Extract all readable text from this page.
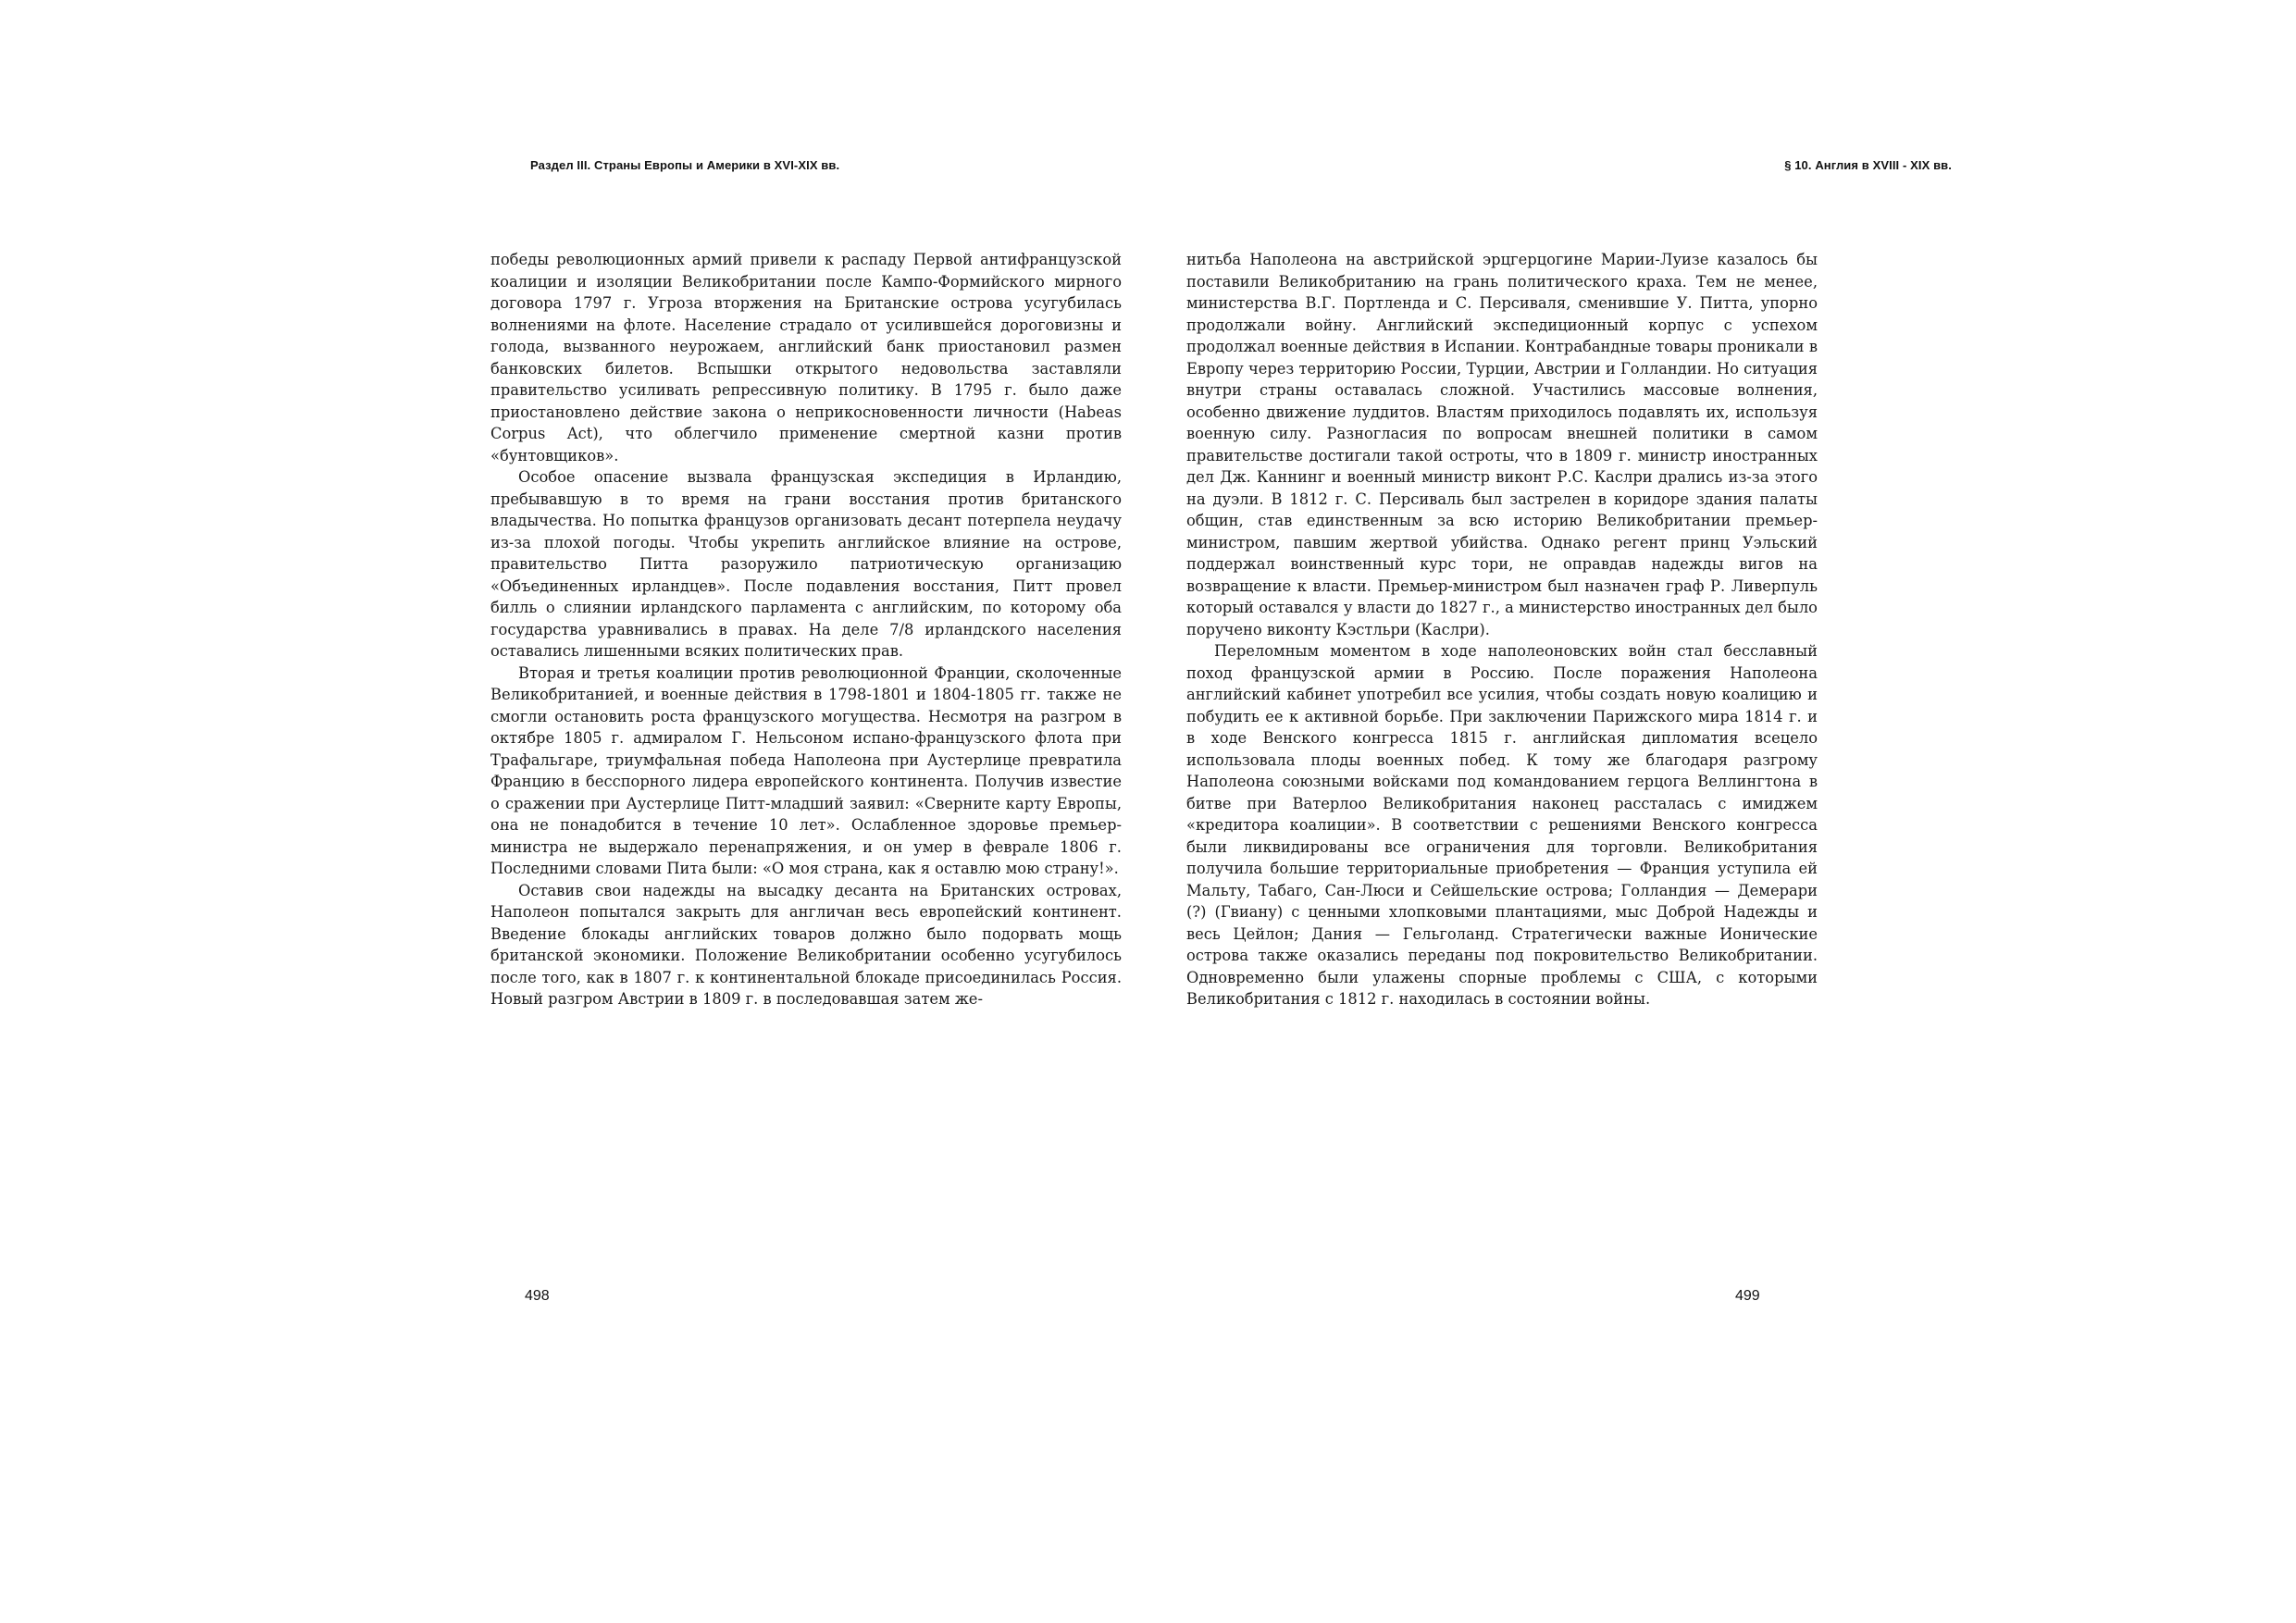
Раздел III. Страны Европы и Америки в XVI-XIX вв.

победы революционных армий привели к распаду Первой антифранцузской коалиции и изоляции Великобритании после Кампо-Формийского мирного договора 1797 г. Угроза вторжения на Британские острова усугубилась волнениями на флоте. Население страдало от усилившейся дороговизны и голода, вызванного неурожаем, английский банк приостановил размен банковских билетов. Вспышки открытого недовольства заставляли правительство усиливать репрессивную политику. В 1795 г. было даже приостановлено действие закона о неприкосновенности личности (Habeas Corpus Act), что облегчило применение смертной казни против «бунтовщиков».

Особое опасение вызвала французская экспедиция в Ирландию, пребывавшую в то время на грани восстания против британского владычества. Но попытка французов организовать десант потерпела неудачу из-за плохой погоды. Чтобы укрепить английское влияние на острове, правительство Питта разоружило патриотическую организацию «Объединенных ирландцев». После подавления восстания, Питт провел билль о слиянии ирландского парламента с английским, по которому оба государства уравнивались в правах. На деле 7/8 ирландского населения оставались лишенными всяких политических прав.

Вторая и третья коалиции против революционной Франции, сколоченные Великобританией, и военные действия в 1798-1801 и 1804-1805 гг. также не смогли остановить роста французского могущества. Несмотря на разгром в октябре 1805 г. адмиралом Г. Нельсоном испано-французского флота при Трафальгаре, триумфальная победа Наполеона при Аустерлице превратила Францию в бесспорного лидера европейского континента. Получив известие о сражении при Аустерлице Питт-младший заявил: «Сверните карту Европы, она не понадобится в течение 10 лет». Ослабленное здоровье премьер-министра не выдержало перенапряжения, и он умер в феврале 1806 г. Последними словами Пита были: «О моя страна, как я оставлю мою страну!».

Оставив свои надежды на высадку десанта на Британских островах, Наполеон попытался закрыть для англичан весь европейский континент. Введение блокады английских товаров должно было подорвать мощь британской экономики. Положение Великобритании особенно усугубилось после того, как в 1807 г. к континентальной блокаде присоединилась Россия. Новый разгром Австрии в 1809 г. в последовавшая затем же-

498
§ 10. Англия в XVIII - XIX вв.

нитьба Наполеона на австрийской эрцгерцогине Марии-Луизе казалось бы поставили Великобританию на грань политического краха. Тем не менее, министерства В.Г. Портленда и С. Персиваля, сменившие У. Питта, упорно продолжали войну. Английский экспедиционный корпус с успехом продолжал военные действия в Испании. Контрабандные товары проникали в Европу через территорию России, Турции, Австрии и Голландии. Но ситуация внутри страны оставалась сложной. Участились массовые волнения, особенно движение луддитов. Властям приходилось подавлять их, используя военную силу. Разногласия по вопросам внешней политики в самом правительстве достигали такой остроты, что в 1809 г. министр иностранных дел Дж. Каннинг и военный министр виконт Р.С. Каслри дрались из-за этого на дуэли. В 1812 г. С. Персиваль был застрелен в коридоре здания палаты общин, став единственным за всю историю Великобритании премьер-министром, павшим жертвой убийства. Однако регент принц Уэльский поддержал воинственный курс тори, не оправдав надежды вигов на возвращение к власти. Премьер-министром был назначен граф Р. Ливерпуль который оставался у власти до 1827 г., а министерство иностранных дел было поручено виконту Кэстльри (Каслри).

Переломным моментом в ходе наполеоновских войн стал бесславный поход французской армии в Россию. После поражения Наполеона английский кабинет употребил все усилия, чтобы создать новую коалицию и побудить ее к активной борьбе. При заключении Парижского мира 1814 г. и в ходе Венского конгресса 1815 г. английская дипломатия всецело использовала плоды военных побед. К тому же благодаря разгрому Наполеона союзными войсками под командованием герцога Веллингтона в битве при Ватерлоо Великобритания наконец рассталась с имиджем «кредитора коалиции». В соответствии с решениями Венского конгресса были ликвидированы все ограничения для торговли. Великобритания получила большие территориальные приобретения — Франция уступила ей Мальту, Табаго, Сан-Люси и Сейшельские острова; Голландия — Демерари (?) (Гвиану) с ценными хлопковыми плантациями, мыс Доброй Надежды и весь Цейлон; Дания — Гельголанд. Стратегически важные Ионические острова также оказались переданы под покровительство Великобритании. Одновременно были улажены спорные проблемы с США, с которыми Великобритания с 1812 г. находилась в состоянии войны.

499
